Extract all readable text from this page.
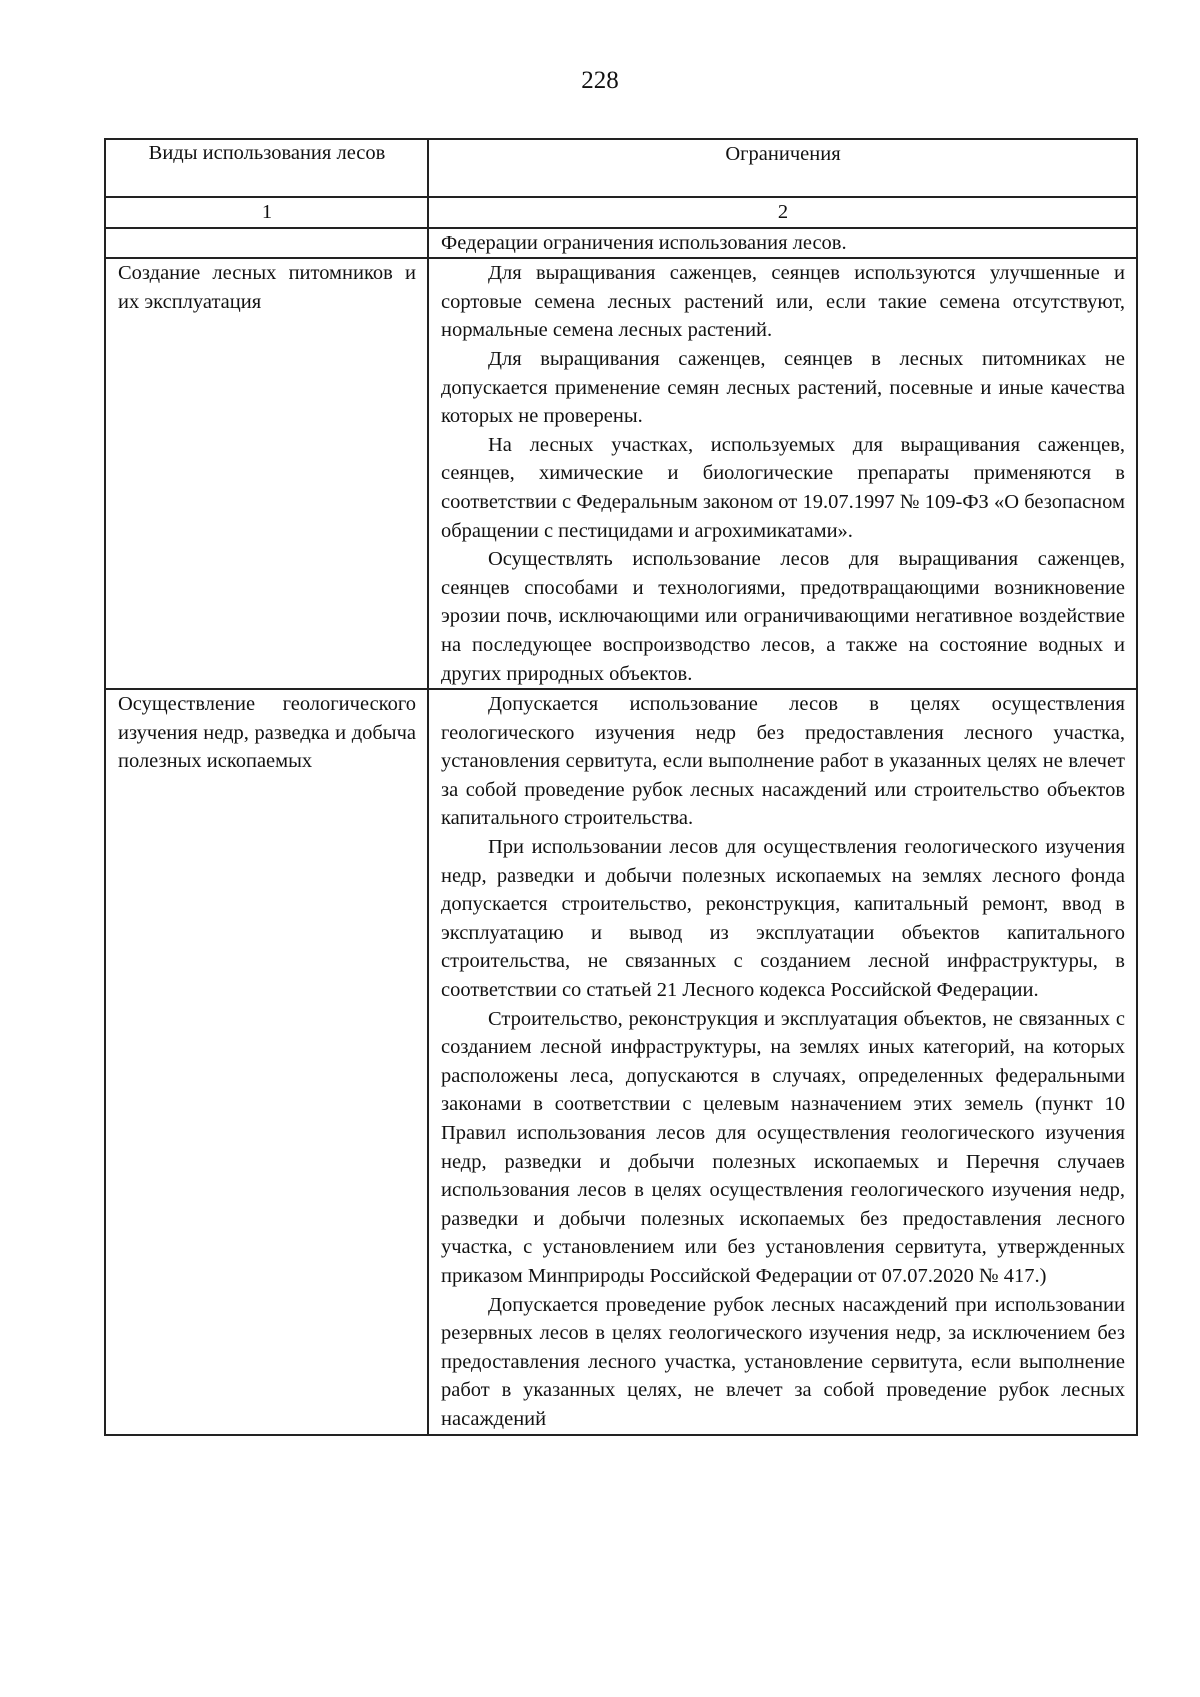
228
Виды использования лесов	Ограничения
1	2

	Федерации ограничения использования лесов.

Создание лесных питомников и их эксплуатация	Для выращивания саженцев, сеянцев используются улучшенные и сортовые семена лесных растений или, если такие семена отсутствуют, нормальные семена лесных растений.

Для выращивания саженцев, сеянцев в лесных питомниках не допускается применение семян лесных растений, посевные и иные качества которых не проверены.

На лесных участках, используемых для выращивания саженцев, сеянцев, химические и биологические препараты применяются в соответствии с Федеральным законом от 19.07.1997 № 109-ФЗ «О безопасном обращении с пестицидами и агрохимикатами».

Осуществлять использование лесов для выращивания саженцев, сеянцев способами и технологиями, предотвращающими возникновение эрозии почв, исключающими или ограничивающими негативное воздействие на последующее воспроизводство лесов, а также на состояние водных и других природных объектов.

Осуществление геологического изучения недр, разведка и добыча полезных ископаемых	Допускается использование лесов в целях осуществления геологического изучения недр без предоставления лесного участка, установления сервитута, если выполнение работ в указанных целях не влечет за собой проведение рубок лесных насаждений или строительство объектов капитального строительства.

При использовании лесов для осуществления геологического изучения недр, разведки и добычи полезных ископаемых на землях лесного фонда допускается строительство, реконструкция, капитальный ремонт, ввод в эксплуатацию и вывод из эксплуатации объектов капитального строительства, не связанных с созданием лесной инфраструктуры, в соответствии со статьей 21 Лесного кодекса Российской Федерации.

Строительство, реконструкция и эксплуатация объектов, не связанных с созданием лесной инфраструктуры, на землях иных категорий, на которых расположены леса, допускаются в случаях, определенных федеральными законами в соответствии с целевым назначением этих земель (пункт 10 Правил использования лесов для осуществления геологического изучения недр, разведки и добычи полезных ископаемых и Перечня случаев использования лесов в целях осуществления геологического изучения недр, разведки и добычи полезных ископаемых без предоставления лесного участка, с установлением или без установления сервитута, утвержденных приказом Минприроды Российской Федерации от 07.07.2020 № 417.)

Допускается проведение рубок лесных насаждений при использовании резервных лесов в целях геологического изучения недр, за исключением без предоставления лесного участка, установление сервитута, если выполнение работ в указанных целях, не влечет за собой проведение рубок лесных насаждений
